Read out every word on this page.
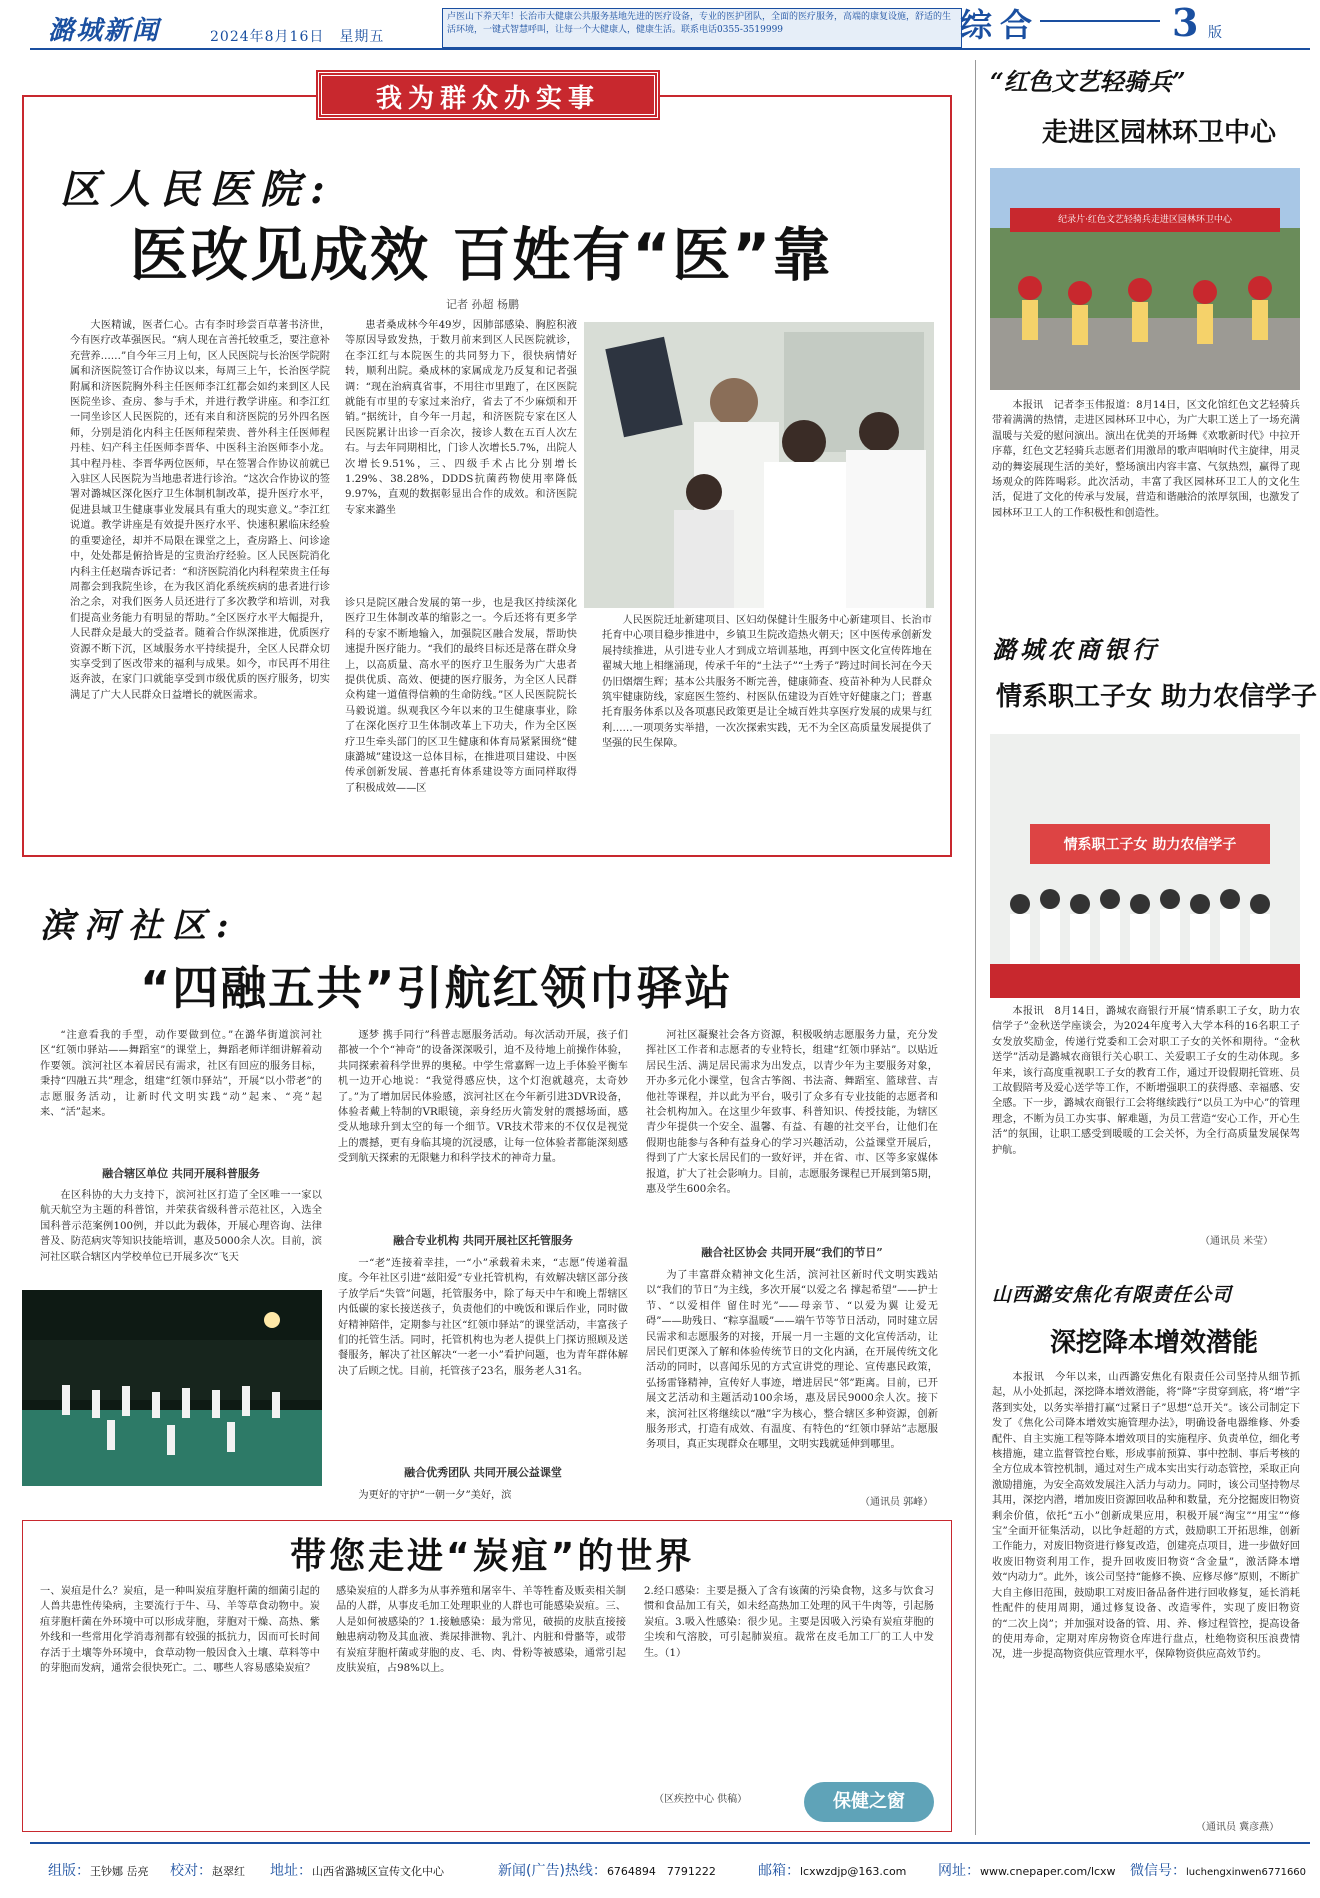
潞城新闻	2024年8月16日　星期五
卢医山下养天年！长治市大健康公共服务基地先进的医疗设备，专业的医护团队，全面的医疗服务，高端的康复设施，舒适的生活环境，一键式智慧呼叫，让每一个大健康人，健康生活。联系电话0355-3519999	综合	3 版
我为群众办实事
区人民医院:
医改见成效 百姓有“医”靠
记者 孙超 杨鹏
大医精诚，医者仁心。古有李时珍尝百草著书济世，今有医疗改革强医民。“病人现在言善托较重乏，要注意补充营养……”自今年三月上旬，区人民医院与长治医学院附属和济医院签订合作协议以来，每周三上午，长治医学院附属和济医院胸外科主任医师李江红都会如约来到区人民医院坐诊、查房、参与手术，并进行教学讲座。和李江红一同坐诊区人民医院的，还有来自和济医院的另外四名医师，分别是消化内科主任医师程荣贵、普外科主任医师程丹桂、妇产科主任医师李晋华、中医科主治医师李小龙。其中程丹桂、李晋华两位医师，早在签署合作协议前就已入驻区人民医院为当地患者进行诊治。“这次合作协议的签署对潞城区深化医疗卫生体制机制改革，提升医疗水平，促进县域卫生健康事业发展具有重大的现实意义。”李江红说道。教学讲座是有效提升医疗水平、快速积累临床经验的重要途径，却并不局限在课堂之上，查房路上、问诊途中，处处都是俯拾皆是的宝贵治疗经验。区人民医院消化内科主任赵瑞杏诉记者：“和济医院消化内科程荣贵主任每周都会到我院坐诊，在为我区消化系统疾病的患者进行诊治之余，对我们医务人员还进行了多次教学和培训，对我们提高业务能力有明显的帮助。”全区医疗水平大幅提升，人民群众是最大的受益者。随着合作纵深推进，优质医疗资源不断下沉，区域服务水平持续提升，全区人民群众切实享受到了医改带来的福利与成果。如今，市民再不用往返奔波，在家门口就能享受到市级优质的医疗服务，切实满足了广大人民群众日益增长的就医需求。

患者桑成林今年49岁，因肺部感染、胸腔积液等原因导致发热，于数月前来到区人民医院就诊，在李江红与本院医生的共同努力下，很快病情好转，顺利出院。桑成林的家属成龙乃反复和记者强调：“现在治病真省事，不用往市里跑了，在区医院就能有市里的专家过来治疗，省去了不少麻烦和开销。”据统计，自今年一月起，和济医院专家在区人民医院累计出诊一百余次，接诊人数在五百人次左右。与去年同期相比，门诊人次增长5.7%，出院人次增长9.51%，三、四级手术占比分别增长1.29%、38.28%，DDDS抗菌药物使用率降低9.97%，直观的数据彰显出合作的成效。和济医院专家来潞坐

诊只是院区融合发展的第一步，也是我区持续深化医疗卫生体制改革的缩影之一。今后还将有更多学科的专家不断地输入，加强院区融合发展，帮助快速提升医疗能力。“我们的最终目标还是落在群众身上，以高质量、高水平的医疗卫生服务为广大患者提供优质、高效、便捷的医疗服务，为全区人民群众构建一道值得信赖的生命防线。”区人民医院院长马毅说道。纵观我区今年以来的卫生健康事业，除了在深化医疗卫生体制改革上下功夫，作为全区医疗卫生牵头部门的区卫生健康和体育局紧紧围绕“健康潞城”建设这一总体目标，在推进项目建设、中医传承创新发展、普惠托育体系建设等方面同样取得了积极成效——区
人民医院迁址新建项目、区妇幼保健计生服务中心新建项目、长治市托育中心项目稳步推进中，乡镇卫生院改造热火朝天；区中医传承创新发展持续推进，从引进专业人才到成立培训基地，再到中医文化宣传阵地在翟城大地上相继涌现，传承千年的“土法子”“土秀子”跨过时间长河在今天仍旧熠熠生辉；基本公共服务不断完善，健康筛查、疫苗补种为人民群众筑牢健康防线，家庭医生签约、村医队伍建设为百姓守好健康之门；普惠托育服务体系以及各项惠民政策更是让全城百姓共享医疗发展的成果与红利……一项项务实举措，一次次探索实践，无不为全区高质量发展提供了坚强的民生保障。
滨河社区:
“四融五共”引航红领巾驿站
“注意看我的手型，动作要做到位。”在潞华街道滨河社区“红领巾驿站——舞蹈室”的课堂上，舞蹈老师详细讲解着动作要领。滨河社区本着居民有需求，社区有回应的服务目标，秉持“四融五共”理念，组建“红领巾驿站”，开展“以小带老”的志愿服务活动，让新时代文明实践“动”起来、“亮”起来、“活”起来。
融合辖区单位 共同开展科普服务
在区科协的大力支持下，滨河社区打造了全区唯一一家以航天航空为主题的科普馆，并荣获省级科普示范社区，入选全国科普示范案例100例，并以此为载体，开展心理咨询、法律普及、防范病灾等知识技能培训，惠及5000余人次。目前，滨河社区联合辖区内学校单位已开展多次“飞天
逐梦 携手同行”科普志愿服务活动。每次活动开展，孩子们都被一个个“神奇”的设备深深吸引，迫不及待地上前操作体验，共同探索着科学世界的奥秘。中学生常嘉辉一边上手体验平衡车机一边开心地说：“我觉得感应快，这个灯泡就越亮，太奇妙了。”为了增加居民体验感，滨河社区在今年新引进3DVR设备，体验者戴上特制的VR眼镜，亲身经历火箭发射的震撼场面，感受从地球升到太空的每一个细节。VR技术带来的不仅仅是视觉上的震撼，更有身临其境的沉浸感，让每一位体验者都能深刻感受到航天探索的无限魅力和科学技术的神奇力量。
融合专业机构 共同开展社区托管服务
一“老”连接着幸挂，一“小”承载着未来，“志愿”传递着温度。今年社区引进“兹阳爱”专业托管机构，有效解决辖区部分孩子放学后“失管”问题，托管服务中，除了每天中午和晚上帮辖区内低碳的家长接送孩子，负责他们的中晚饭和课后作业，同时做好精神陪伴，定期参与社区“红领巾驿站”的课堂活动，丰富孩子们的托管生活。同时，托管机构也为老人提供上门探访照顾及送餐服务，解决了社区解决“一老一小”看护问题，也为青年群体解决了后顾之忧。目前，托管孩子23名，服务老人31名。
融合优秀团队 共同开展公益课堂
为更好的守护“一朝一夕”美好，滨
河社区凝聚社会各方资源，积极吸纳志愿服务力量，充分发挥社区工作者和志愿者的专业特长，组建“红领巾驿站”。以贴近居民生活、满足居民需求为出发点，以青少年为主要服务对象，开办多元化小课堂，包含古筝阁、书法斋、舞蹈室、篮球营、吉他社等课程，并以此为平台，吸引了众多有专业技能的志愿者和社会机构加入。在这里少年致事、科普知识、传授技能，为辖区青少年提供一个安全、温馨、有益、有趣的社交平台，让他们在假期也能参与各种有益身心的学习兴趣活动，公益课堂开展后，得到了广大家长居民们的一致好评，并在省、市、区等多家媒体报道，扩大了社会影响力。目前，志愿服务课程已开展到第5期，惠及学生600余名。
融合社区协会 共同开展“我们的节日”
为了丰富群众精神文化生活，滨河社区新时代文明实践站以“我们的节日”为主线，多次开展“以爱之名 撑起希望”——护士节、“以爱相伴 留住时光”——母亲节、“以爱为翼 让爱无碍”——助残日、“粽享温暖”——端午节等节日活动，同时建立居民需求和志愿服务的对接，开展一月一主题的文化宣传活动，让居民们更深入了解和体验传统节日的文化内涵，在开展传统文化活动的同时，以喜闻乐见的方式宣讲党的理论、宣传惠民政策，弘扬雷锋精神，宣传好人事迹，增进居民“邻”距离。目前，已开展文艺活动和主题活动100余场，惠及居民9000余人次。接下来，滨河社区将继续以“融”字为核心，整合辖区多种资源，创新服务形式，打造有成效、有温度、有特色的“红领巾驿站”志愿服务项目，真正实现群众在哪里，文明实践就延伸到哪里。
（通讯员 郭峰）
带您走进“炭疽”的世界
一、炭疽是什么？炭疽，是一种叫炭疽芽胞杆菌的细菌引起的人兽共患性传染病，主要流行于牛、马、羊等草食动物中。炭疽芽胞杆菌在外环境中可以形成芽胞，芽胞对干燥、高热、紫外线和一些常用化学消毒剂都有较强的抵抗力，因而可长时间存活于土壤等外环境中，食草动物一般因食入土壤、草料等中的芽胞而发病，通常会很快死亡。二、哪些人容易感染炭疽？
感染炭疽的人群多为从事养殖和屠宰牛、羊等牲畜及贩卖相关制品的人群，从事皮毛加工处理职业的人群也可能感染炭疽。三、人是如何被感染的？1.接触感染：最为常见，破损的皮肤直接接触患病动物及其血液、粪尿排泄物、乳汁、内脏和骨骼等，或带有炭疽芽胞杆菌或芽胞的皮、毛、肉、骨粉等被感染，通常引起皮肤炭疽，占98%以上。
2.经口感染：主要是摄入了含有该菌的污染食物，这多与饮食习惯和食品加工有关，如未经高热加工处理的风干牛肉等，引起肠炭疽。3.吸入性感染：很少见。主要是因吸入污染有炭疽芽胞的尘埃和气溶胶，可引起肺炭疽。裁常在皮毛加工厂的工人中发生。（1）
（区疾控中心 供稿）	保健之窗
“红色文艺轻骑兵”
走进区园林环卫中心
纪录片·红色文艺轻骑兵走进区园林环卫中心
本报讯　记者李玉伟报道：8月14日，区文化馆红色文艺轻骑兵带着满满的热情，走进区园林环卫中心，为广大职工送上了一场充满温暖与关爱的慰问演出。演出在优美的开场舞《欢歌新时代》中拉开序幕，红色文艺轻骑兵志愿者们用激昂的歌声唱响时代主旋律，用灵动的舞姿展现生活的美好，整场演出内容丰富、气氛热烈，赢得了现场观众的阵阵喝彩。此次活动，丰富了我区园林环卫工人的文化生活，促进了文化的传承与发展，营造和谐融洽的浓厚氛围，也激发了园林环卫工人的工作积极性和创造性。
潞城农商银行
情系职工子女 助力农信学子
情系职工子女 助力农信学子
本报讯　8月14日，潞城农商银行开展“情系职工子女，助力农信学子”金秋送学座谈会，为2024年度考入大学本科的16名职工子女发放奖励金，传递行党委和工会对职工子女的关怀和期待。“金秋送学”活动是潞城农商银行关心职工、关爱职工子女的生动体现。多年来，该行高度重视职工子女的教育工作，通过开设假期托管班、员工故假陪考及爱心送学等工作，不断增强职工的获得感、幸福感、安全感。下一步，潞城农商银行工会将继续践行“以员工为中心”的管理理念，不断为员工办实事、解难题，为员工营造“安心工作，开心生活”的氛围，让职工感受到暖暖的工会关怀，为全行高质量发展保驾护航。
（通讯员 米莹）
山西潞安焦化有限责任公司
深挖降本增效潜能
本报讯　今年以来，山西潞安焦化有限责任公司坚持从细节抓起，从小处抓起，深挖降本增效潜能，将“降”字贯穿到底，将“增”字落到实处，以务实举措打赢“过紧日子”思想“总开关”。该公司制定下发了《焦化公司降本增效实施管理办法》，明确设备电器维修、外委配件、自主实施工程等降本增效项目的实施程序、负责单位，细化考核措施，建立监督管控台账，形成事前预算、事中控制、事后考核的全方位成本管控机制，通过对生产成本实出实行动态管控，采取正向激励措施，为安全高效发展注入活力与动力。同时，该公司坚持物尽其用，深挖内潜，增加废旧资源回收品种和数量，充分挖掘废旧物资剩余价值，依托“五小”创新成果应用，积极开展“淘宝”“用宝”“修宝”全面开征集活动，以比争赶超的方式，鼓励职工开拓思维，创新工作能力，对废旧物资进行修复改造，创建亮点项目，进一步做好回收废旧物资利用工作，提升回收废旧物资“含金量”，激活降本增效“内动力”。此外，该公司坚持“能修不换、应修尽修”原则，不断扩大自主修旧范围，鼓励职工对废旧备品备件进行回收修复，延长消耗性配件的使用周期，通过修复设备、改造零件，实现了废旧物资的“二次上岗”；并加强对设备的管、用、养、修过程管控，提高设备的使用寿命，定期对库房物资仓库进行盘点，杜绝物资积压浪费情况，进一步提高物资供应管理水平，保障物资供应高效节约。
（通讯员 冀彦燕）
组版：王钞娜 岳亮 校对：赵翠红 地址：山西省潞城区宣传文化中心	新闻(广告)热线：6764894　7791222	邮箱：lcxwzdjp@163.com 网址：www.cnepaper.com/lcxw 微信号：luchengxinwen6771660
